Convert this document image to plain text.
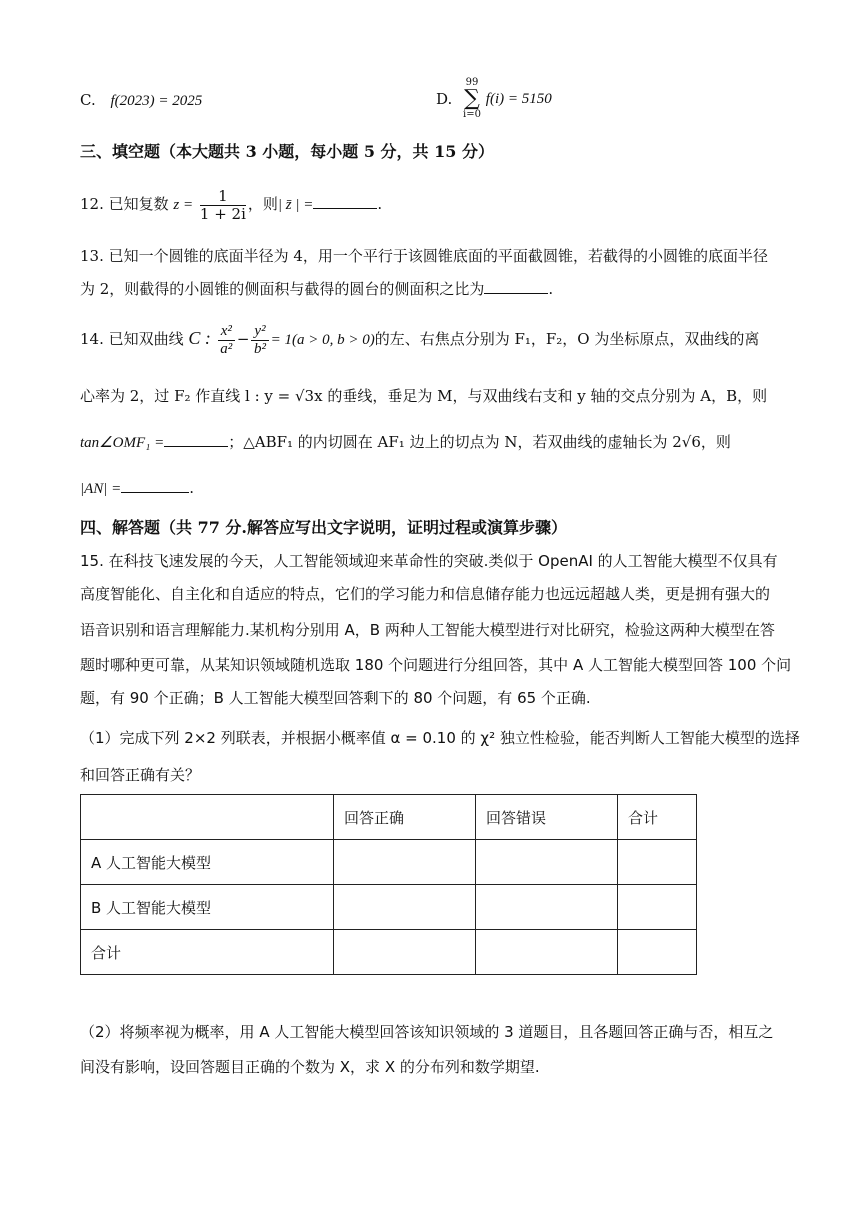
C. f(2023) = 2025	D. 99
∑
i=0 f(i) = 5150
三、填空题（本大题共 3 小题，每小题 5 分，共 15 分）
12. 已知复数 $z = \frac{1}{1 + 2i}$ ，则| z̄ | =	.
13. 已知一个圆锥的底面半径为 4，用一个平行于该圆锥底面的平面截圆锥，若截得的小圆锥的底面半径
为 2，则截得的小圆锥的侧面积与截得的圆台的侧面积之比为	.
14. 已知双曲线 C : $\frac{\text{x²}}{\text{a²}} - \frac{\text{y²}}{\text{b²}} = 1(a > 0$, b > 0)的左、右焦点分别为 F₁，F₂，O 为坐标原点，双曲线的离
心率为 2，过 F₂ 作直线 l : y = √3x 的垂线，垂足为 M，与双曲线右支和 y 轴的交点分别为 A，B，则
tan∠OMF₁ =	；△ABF₁ 的内切圆在 AF₁ 边上的切点为 N，若双曲线的虚轴长为 2√6，则
|AN| =	.
四、解答题（共 77 分.解答应写出文字说明，证明过程或演算步骤）
15. 在科技飞速发展的今天，人工智能领域迎来革命性的突破.类似于 OpenAI 的人工智能大模型不仅具有
高度智能化、自主化和自适应的特点，它们的学习能力和信息储存能力也远远超越人类，更是拥有强大的
语音识别和语言理解能力.某机构分别用 A，B 两种人工智能大模型进行对比研究，检验这两种大模型在答
题时哪种更可靠，从某知识领域随机选取 180 个问题进行分组回答，其中 A 人工智能大模型回答 100 个问
题，有 90 个正确；B 人工智能大模型回答剩下的 80 个问题，有 65 个正确.
（1）完成下列 2×2 列联表，并根据小概率值 α = 0.10 的 χ² 独立性检验，能否判断人工智能大模型的选择
和回答正确有关？
	回答正确	回答错误	合计
A 人工智能大模型			
B 人工智能大模型			
合计			
（2）将频率视为概率，用 A 人工智能大模型回答该知识领域的 3 道题目，且各题回答正确与否，相互之
间没有影响，设回答题目正确的个数为 X，求 X 的分布列和数学期望.
